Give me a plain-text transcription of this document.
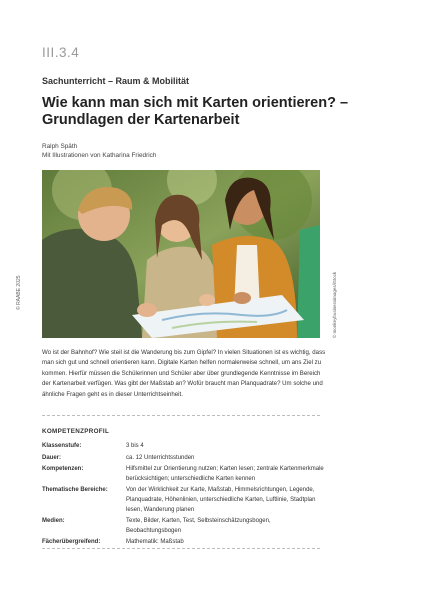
III.3.4
Sachunterricht – Raum & Mobilität
Wie kann man sich mit Karten orientieren? –
Grundlagen der Kartenarbeit
Ralph Späth
Mit Illustrationen von Katharina Friedrich
© RAABE 2025	© monkeybusinessimages/iStock
Wo ist der Bahnhof? Wie steil ist die Wanderung bis zum Gipfel? In vielen Situationen ist es wichtig, dass man sich gut und schnell orientieren kann. Digitale Karten helfen normalerweise schnell, um ans Ziel zu kommen. Hierfür müssen die Schülerinnen und Schüler aber über grundlegende Kenntnisse im Bereich der Kartenarbeit verfügen. Was gibt der Maßstab an? Wofür braucht man Planquadrate? Um solche und ähnliche Fragen geht es in dieser Unterrichtseinheit.
KOMPETENZPROFIL
Klassenstufe:	3 bis 4
Dauer:	ca. 12 Unterrichtsstunden
Kompetenzen:	Hilfsmittel zur Orientierung nutzen; Karten lesen; zentrale Kartenmerkmale berücksichtigen; unterschiedliche Karten kennen
Thematische Bereiche:	Von der Wirklichkeit zur Karte, Maßstab, Himmelsrichtungen, Legende, Planquadrate, Höhenlinien, unterschiedliche Karten, Luftlinie, Stadtplan lesen, Wanderung planen
Medien:	Texte, Bilder, Karten, Test, Selbsteinschätzungsbogen, Beobachtungsbogen
Fächerübergreifend:	Mathematik: Maßstab
